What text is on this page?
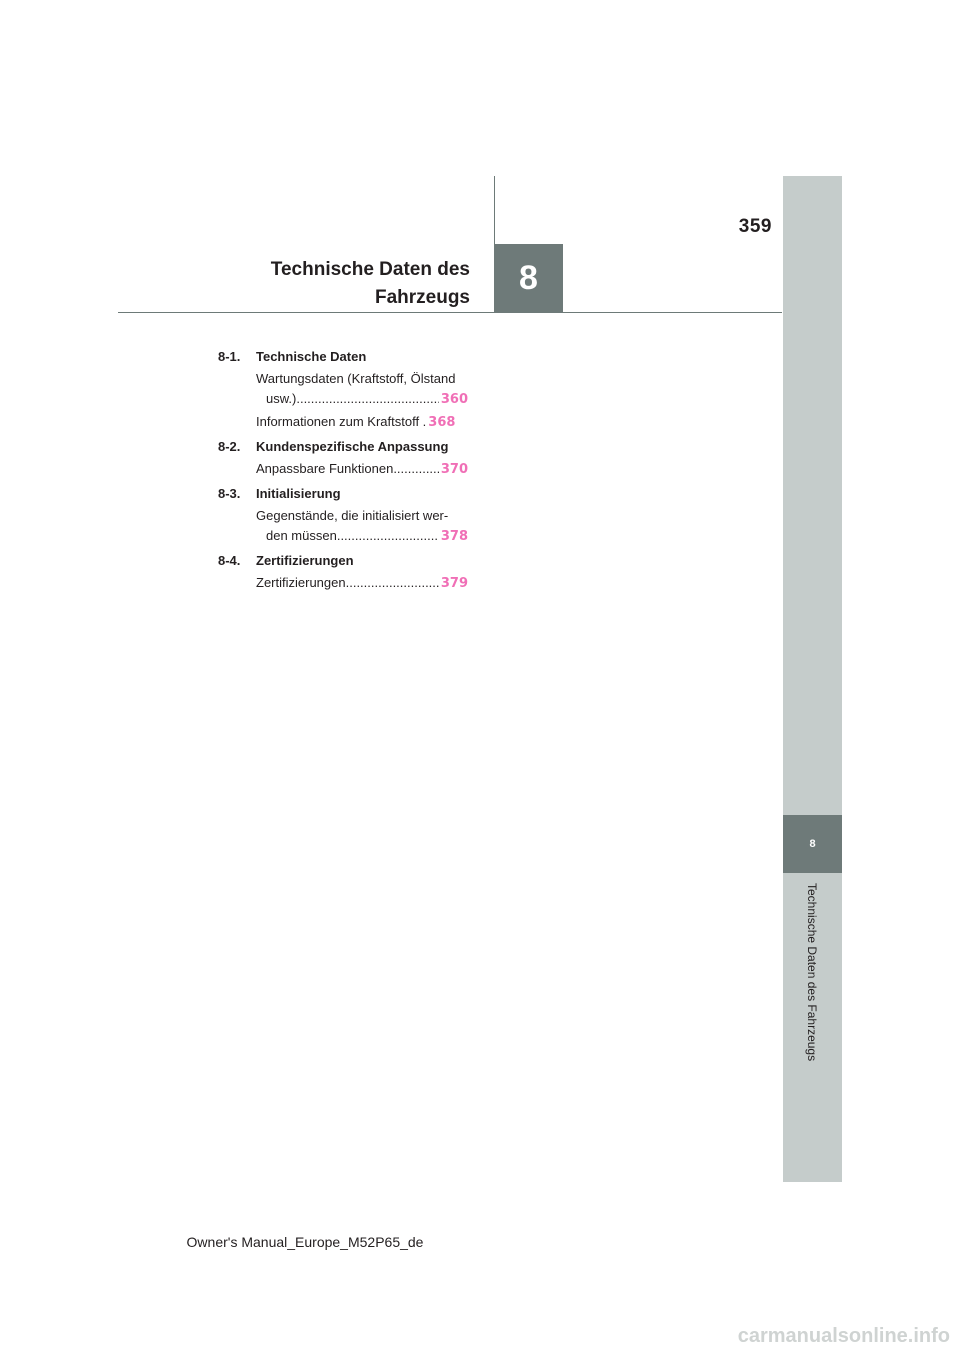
359
Technische Daten des
Fahrzeugs
8
8
Technische Daten des Fahrzeugs
8-1.	Technische Daten
Wartungsdaten (Kraftstoff, Ölstand
usw.) .....	360
Informationen zum Kraftstoff . 368
8-2.	Kundenspezifische Anpassung
Anpassbare Funktionen .....	370
8-3.	Initialisierung
Gegenstände, die initialisiert wer-
den müssen .....	378
8-4.	Zertifizierungen
Zertifizierungen .....	379
Owner's Manual_Europe_M52P65_de
carmanualsonline.info
